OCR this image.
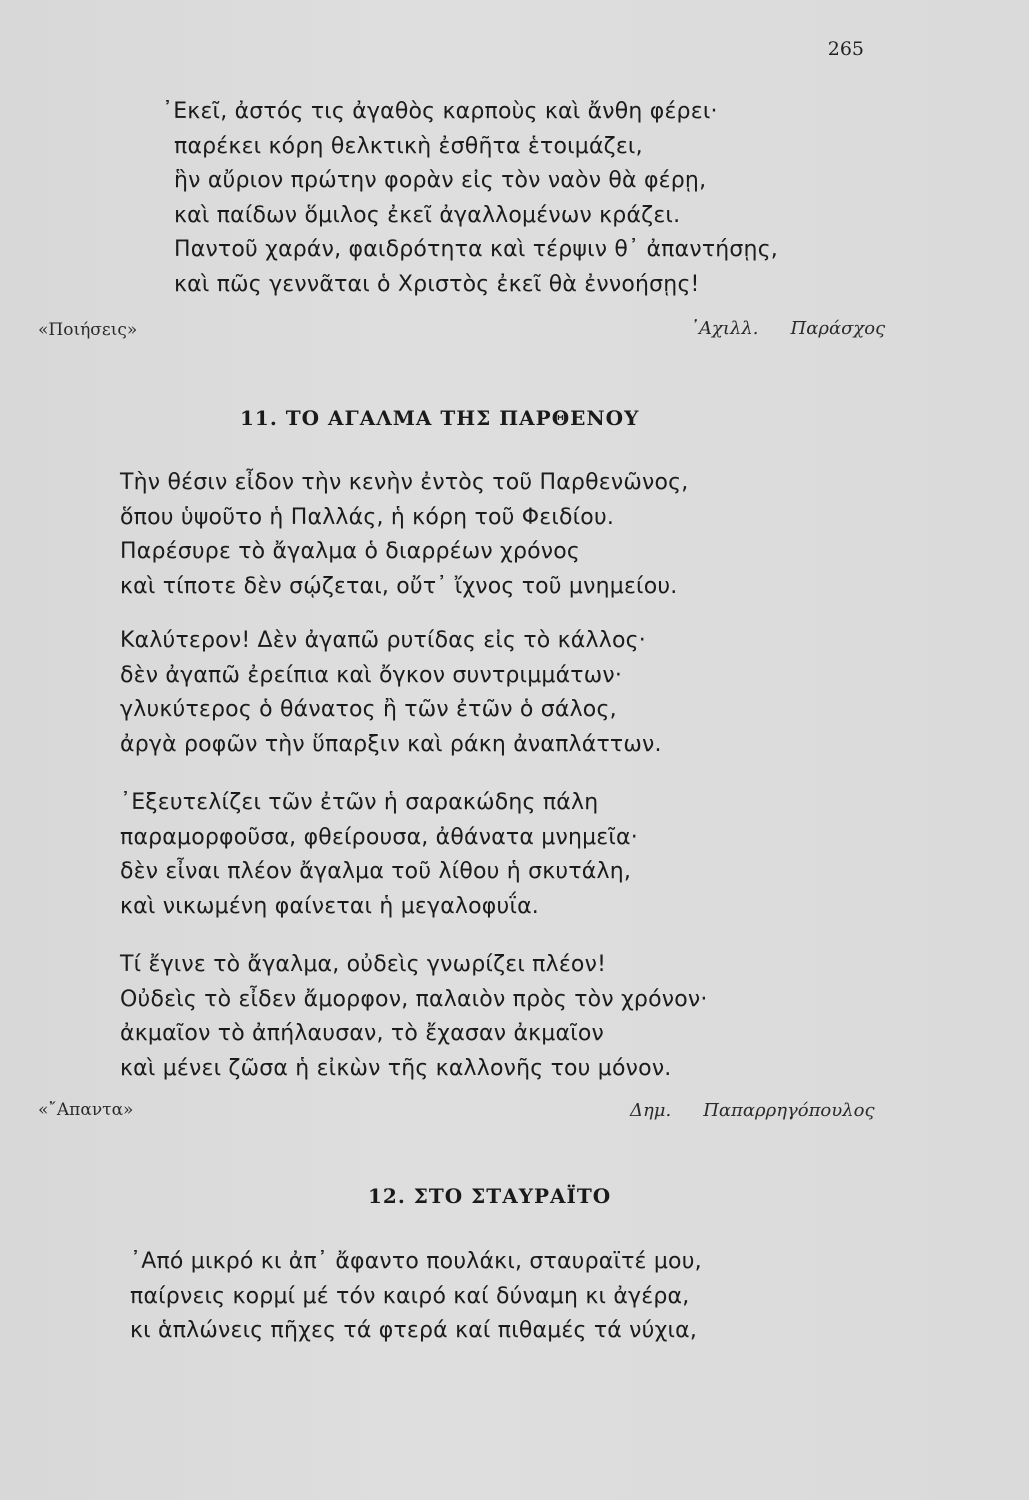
265
᾿Εκεῖ, ἀστός τις ἀγαθὸς καρποὺς καὶ ἄνθη φέρει·
παρέκει κόρη θελκτικὴ ἐσθῆτα ἑτοιμάζει,
ἣν αὔριον πρώτην φορὰν εἰς τὸν ναὸν θὰ φέρῃ,
καὶ παίδων ὅμιλος ἐκεῖ ἀγαλλομένων κράζει.
Παντοῦ χαράν, φαιδρότητα καὶ τέρψιν θ᾿ ἀπαντήσῃς,
καὶ πῶς γεννᾶται ὁ Χριστὸς ἐκεῖ θὰ ἐννοήσῃς!
«Ποιήσεις»	᾿Αχιλλ. Παράσχος
11. ΤΟ ΑΓΑΛΜΑ ΤΗΣ ΠΑΡΘΕΝΟΥ
Τὴν θέσιν εἶδον τὴν κενὴν ἐντὸς τοῦ Παρθενῶνος,
ὅπου ὑψοῦτο ἡ Παλλάς, ἡ κόρη τοῦ Φειδίου.
Παρέσυρε τὸ ἄγαλμα ὁ διαρρέων χρόνος
καὶ τίποτε δὲν σῴζεται, οὔτ᾿ ἴχνος τοῦ μνημείου.
Καλύτερον! Δὲν ἀγαπῶ ρυτίδας εἰς τὸ κάλλος·
δὲν ἀγαπῶ ἐρείπια καὶ ὄγκον συντριμμάτων·
γλυκύτερος ὁ θάνατος ἢ τῶν ἐτῶν ὁ σάλος,
ἀργὰ ροφῶν τὴν ὕπαρξιν καὶ ράκη ἀναπλάττων.
᾿Εξευτελίζει τῶν ἐτῶν ἡ σαρακώδης πάλη
παραμορφοῦσα, φθείρουσα, ἀθάνατα μνημεῖα·
δὲν εἶναι πλέον ἄγαλμα τοῦ λίθου ἡ σκυτάλη,
καὶ νικωμένη φαίνεται ἡ μεγαλοφυΐα.
Τί ἔγινε τὸ ἄγαλμα, οὐδεὶς γνωρίζει πλέον!
Οὐδεὶς τὸ εἶδεν ἄμορφον, παλαιὸν πρὸς τὸν χρόνον·
ἀκμαῖον τὸ ἀπήλαυσαν, τὸ ἔχασαν ἀκμαῖον
καὶ μένει ζῶσα ἡ εἰκὼν τῆς καλλονῆς του μόνον.
«῎Απαντα»	Δημ. Παπαρρηγόπουλος
12. ΣΤΟ ΣΤΑΥΡΑΪΤΟ
᾿Από μικρό κι ἀπ᾿ ἄφαντο πουλάκι, σταυραϊτέ μου,
παίρνεις κορμί μέ τόν καιρό καί δύναμη κι ἀγέρα,
κι ἁπλώνεις πῆχες τά φτερά καί πιθαμές τά νύχια,
